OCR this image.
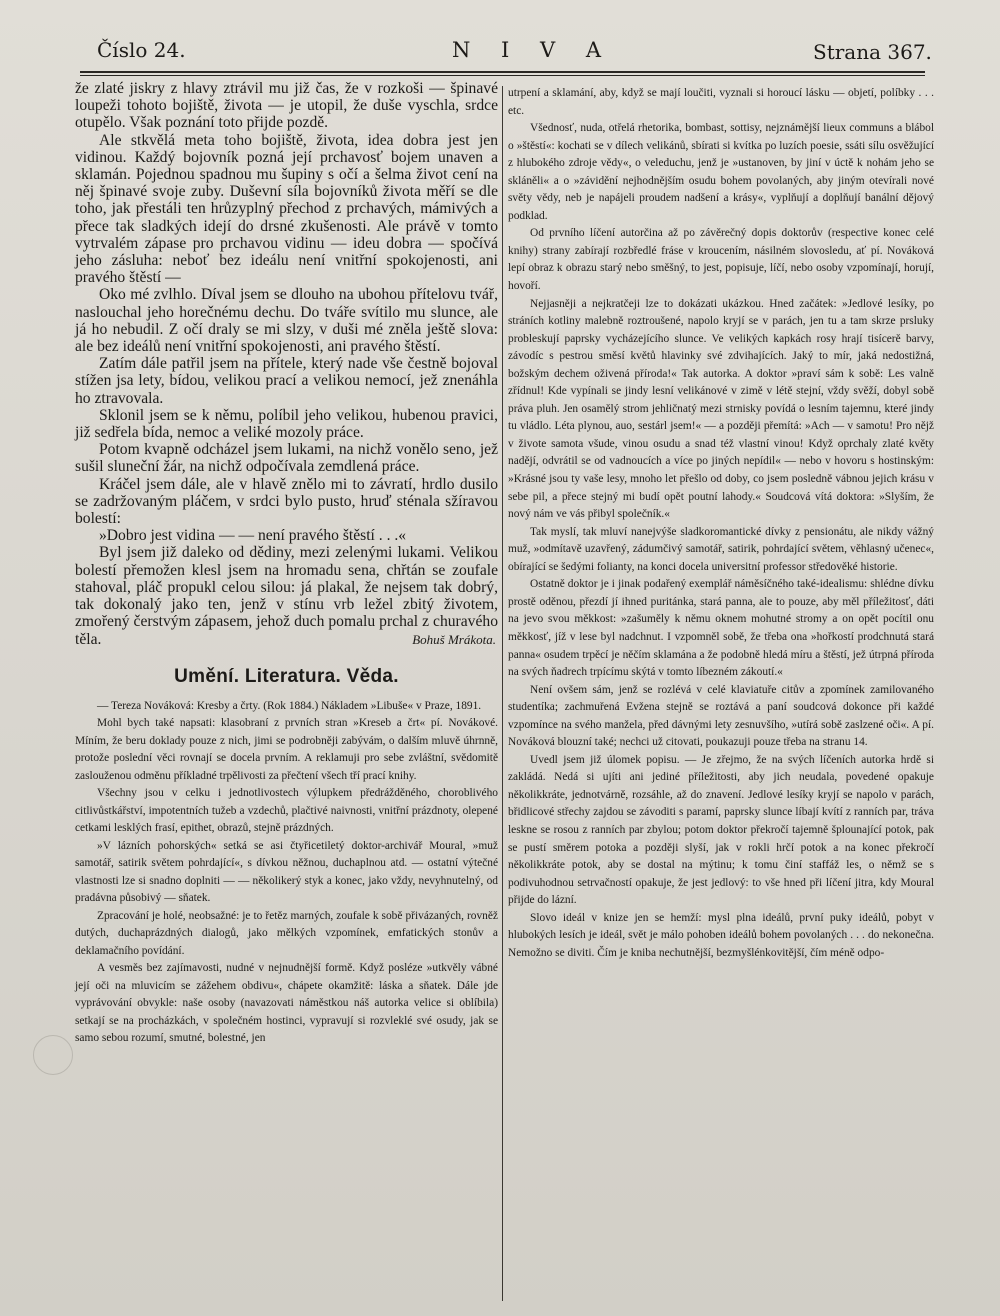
Číslo 24.	N I V A	Strana 367.

že zlaté jiskry z hlavy ztrávil mu již čas, že v rozkoši — špinavé loupeži tohoto bojiště, života — je utopil, že duše vyschla, srdce otupělo. Však poznání toto přijde pozdě.

Ale stkvělá meta toho bojiště, života, idea dobra jest jen vidinou. Každý bojovník pozná její prchavosť bojem unaven a sklamán. Pojednou spadnou mu šupiny s očí a šelma život cení na něj špinavé svoje zuby. Duševní síla bojovníků života měří se dle toho, jak přestáli ten hrůzyplný přechod z prchavých, mámivých a přece tak sladkých idejí do drsné zkušenosti. Ale právě v tomto vytrvalém zápase pro prchavou vidinu — ideu dobra — spočívá jeho zásluha: neboť bez ideálu není vnitřní spokojenosti, ani pravého štěstí —

Oko mé zvlhlo. Díval jsem se dlouho na ubohou přítelovu tvář, naslouchal jeho horečnému dechu. Do tváře svítilo mu slunce, ale já ho nebudil. Z očí draly se mi slzy, v duši mé zněla ještě slova: ale bez ideálů není vnitřní spokojenosti, ani pravého štěstí.

Zatím dále patřil jsem na přítele, který nade vše čestně bojoval stížen jsa lety, bídou, velikou prací a velikou nemocí, jež znenáhla ho ztravovala.

Sklonil jsem se k němu, políbil jeho velikou, hubenou pravici, již sedřela bída, nemoc a veliké mozoly práce.

Potom kvapně odcházel jsem lukami, na nichž vonělo seno, jež sušil sluneční žár, na nichž odpočívala zemdlená práce.

Kráčel jsem dále, ale v hlavě znělo mi to závratí, hrdlo dusilo se zadržovaným pláčem, v srdci bylo pusto, hruď sténala sžíravou bolestí:

»Dobro jest vidina — — není pravého štěstí . . .«

Byl jsem již daleko od dědiny, mezi zelenými lukami. Velikou bolestí přemožen klesl jsem na hromadu sena, chřtán se zoufale stahoval, pláč propukl celou silou: já plakal, že nejsem tak dobrý, tak dokonalý jako ten, jenž v stínu vrb ležel zbitý životem, zmořený čerstvým zápasem, jehož duch pomalu prchal z churavého těla.	Bohuš Mrákota.
Umění. Literatura. Věda.

— Tereza Nováková: Kresby a črty. (Rok 1884.) Nákladem »Libuše« v Praze, 1891.

Mohl bych také napsati: klasobraní z prvních stran »Kreseb a črt« pí. Novákové. Míním, že beru doklady pouze z nich, jimi se podrobněji zabývám, o dalším mluvě úhrnně, protože poslední věci rovnají se docela prvním. A reklamuji pro sebe zvláštní, svědomitě zaslouženou odměnu příkladné trpělivosti za přečtení všech tří prací knihy.

Všechny jsou v celku i jednotlivostech výlupkem předrážděného, choroblivého citlivůstkářství, impotentních tužeb a vzdechů, plačtivé naivnosti, vnitřní prázdnoty, olepené cetkami lesklých frasí, epithet, obrazů, stejně prázdných.

»V lázních pohorských« setká se asi čtyřicetiletý doktor-archivář Moural, »muž samotář, satirik světem pohrdající«, s dívkou něžnou, duchaplnou atd. — ostatní výtečné vlastnosti lze si snadno doplniti — — několikerý styk a konec, jako vždy, nevyhnutelný, od pradávna působivý — sňatek.

Zpracování je holé, neobsažné: je to řetěz marných, zoufale k sobě přivázaných, rovněž dutých, duchaprázdných dialogů, jako mělkých vzpomínek, emfatických stonův a deklamačního povídání.

A vesměs bez zajímavosti, nudné v nejnudnější formě. Když posléze »utkvěly vábné její oči na mluvicím se zážehem obdivu«, chápete okamžitě: láska a sňatek. Dále jde vyprávování obvykle: naše osoby (navazovati náměstkou náš autorka velice si oblíbila) setkají se na procházkách, v společném hostinci, vypravují si rozvleklé své osudy, jak se samo sebou rozumí, smutné, bolestné, jen

utrpení a sklamání, aby, když se mají loučiti, vyznali si horoucí lásku — objetí, políbky . . . etc.

Všednosť, nuda, otřelá rhetorika, bombast, sottisy, nejznámější lieux communs a blábol o »štěstí«: kochati se v dílech velikánů, sbírati si kvítka po luzích poesie, ssáti sílu osvěžující z hlubokého zdroje vědy«, o veleduchu, jenž je »ustanoven, by jiní v úctě k nohám jeho se skláněli« a o »závidění nejhodnějším osudu bohem povolaných, aby jiným otevírali nové světy vědy, neb je napájeli proudem nadšení a krásy«, vyplňují a doplňují banální dějový podklad.

Od prvního líčení autorčina až po závěrečný dopis doktorův (respective konec celé knihy) strany zabírají rozbředlé fráse v kroucením, násilném slovosledu, ať pí. Nováková lepí obraz k obrazu starý nebo směšný, to jest, popisuje, líčí, nebo osoby vzpomínají, horují, hovoří.

Nejjasněji a nejkratčeji lze to dokázati ukázkou. Hned začátek: »Jedlové lesíky, po stráních kotliny malebně roztroušené, napolo kryjí se v parách, jen tu a tam skrze prsluky probleskují paprsky vycházejícího slunce. Ve velikých kapkách rosy hrají tisícerě barvy, závodíc s pestrou směsí květů hlavinky své zdvihajících. Jaký to mír, jaká nedostižná, božským dechem oživená příroda!« Tak autorka. A doktor »praví sám k sobě: Les valně zřídnul! Kde vypínali se jindy lesní velikánové v zimě v létě stejní, vždy svěží, dobyl sobě práva pluh. Jen osamělý strom jehličnatý mezi strnisky povídá o lesním tajemnu, které jindy tu vládlo. Léta plynou, auo, sestárl jsem!« — a později přemítá: »Ach — v samotu! Pro nějž v živote samota všude, vinou osudu a snad též vlastní vinou! Když oprchaly zlaté květy nadějí, odvrátil se od vadnoucích a více po jiných nepídil« — nebo v hovoru s hostinským: »Krásné jsou ty vaše lesy, mnoho let přešlo od doby, co jsem posledně vábnou jejich krásu v sebe pil, a přece stejný mi budí opět poutní lahody.« Soudcová vítá doktora: »Slyším, že nový nám ve vás přibyl společník.«

Tak myslí, tak mluví nanejvýše sladkoromantické dívky z pensionátu, ale nikdy vážný muž, »odmítavě uzavřený, zádumčivý samotář, satirik, pohrdající světem, věhlasný učenec«, obírající se šedými folianty, na konci docela universitní professor středověké historie.

Ostatně doktor je i jinak podařený exemplář náměsíčného také-idealismu: shlédne dívku prostě oděnou, přezdí jí ihned puritánka, stará panna, ale to pouze, aby měl příležitosť, dáti na jevo svou měkkost: »zašuměly k němu oknem mohutné stromy a on opět pocítil onu měkkosť, jíž v lese byl nadchnut. I vzpomněl sobě, že třeba ona »hořkostí prodchnutá stará panna« osudem trpěcí je něčím sklamána a že podobně hledá míru a štěstí, jež útrpná příroda na svých ňadrech trpícímu skýtá v tomto líbezném zákoutí.«

Není ovšem sám, jenž se rozlévá v celé klaviatuře citův a zpomínek zamilovaného studentíka; zachmuřená Evžena stejně se roztává a paní soudcová dokonce při každé vzpomínce na svého manžela, před dávnými lety zesnuvšího, »utírá sobě zaslzené oči«. A pí. Nováková blouzní také; nechci už citovati, poukazuji pouze třeba na stranu 14.

Uvedl jsem již úlomek popisu. — Je zřejmo, že na svých líčeních autorka hrdě si zakládá. Nedá si ujíti ani jediné příležitosti, aby jich neudala, povedené opakuje několikkráte, jednotvárně, rozsáhle, až do znavení. Jedlové lesíky kryjí se napolo v parách, břidlicové střechy zajdou se závoditi s paramí, paprsky slunce líbají kvítí z ranních par, tráva leskne se rosou z ranních par zbylou; potom doktor překročí tajemně šplounající potok, pak se pustí směrem potoka a později slyší, jak v rokli hrčí potok a na konec překročí několikkráte potok, aby se dostal na mýtinu; k tomu činí staffáž les, o němž se s podivuhodnou setrvačností opakuje, že jest jedlový: to vše hned při líčení jitra, kdy Moural přijde do lázní.

Slovo ideál v knize jen se hemží: mysl plna ideálů, první puky ideálů, pobyt v hlubokých lesích je ideál, svět je málo pohoben ideálů bohem povolaných . . . do nekonečna. Nemožno se diviti. Čím je kniba nechutnější, bezmyšlénkovitější, čím méně odpo-
